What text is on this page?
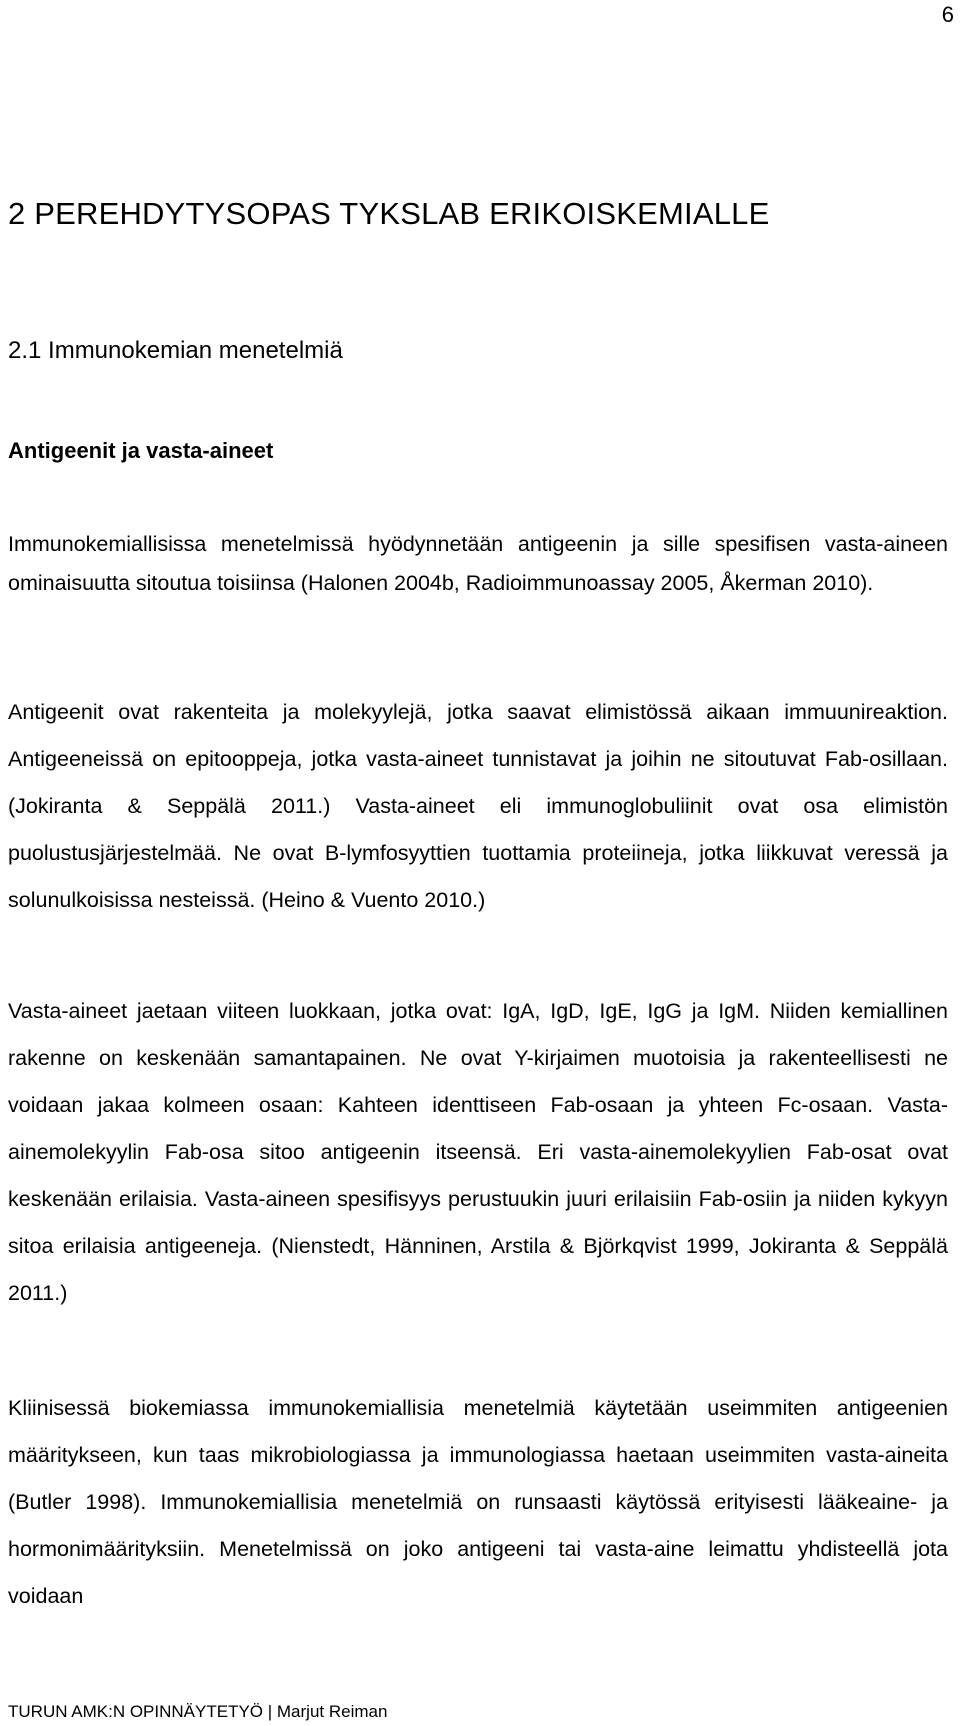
6
2 PEREHDYTYSOPAS TYKSLAB ERIKOISKEMIALLE
2.1 Immunokemian menetelmiä
Antigeenit ja vasta-aineet

Immunokemiallisissa menetelmissä hyödynnetään antigeenin ja sille spesifisen vasta-aineen ominaisuutta sitoutua toisiinsa (Halonen 2004b, Radioimmunoassay 2005, Åkerman 2010).

Antigeenit ovat rakenteita ja molekyylejä, jotka saavat elimistössä aikaan immuunireaktion. Antigeeneissä on epitooppeja, jotka vasta-aineet tunnistavat ja joihin ne sitoutuvat Fab-osillaan. (Jokiranta & Seppälä 2011.) Vasta-aineet eli immunoglobuliinit ovat osa elimistön puolustusjärjestelmää. Ne ovat B-lymfosyyttien tuottamia proteiineja, jotka liikkuvat veressä ja solunulkoisissa nesteissä. (Heino & Vuento 2010.)

Vasta-aineet jaetaan viiteen luokkaan, jotka ovat: IgA, IgD, IgE, IgG ja IgM. Niiden kemiallinen rakenne on keskenään samantapainen. Ne ovat Y-kirjaimen muotoisia ja rakenteellisesti ne voidaan jakaa kolmeen osaan: Kahteen identtiseen Fab-osaan ja yhteen Fc-osaan. Vasta-ainemolekyylin Fab-osa sitoo antigeenin itseensä. Eri vasta-ainemolekyylien Fab-osat ovat keskenään erilaisia. Vasta-aineen spesifisyys perustuukin juuri erilaisiin Fab-osiin ja niiden kykyyn sitoa erilaisia antigeeneja. (Nienstedt, Hänninen, Arstila & Björkqvist 1999, Jokiranta & Seppälä 2011.)

Kliinisessä biokemiassa immunokemiallisia menetelmiä käytetään useimmiten antigeenien määritykseen, kun taas mikrobiologiassa ja immunologiassa haetaan useimmiten vasta-aineita (Butler 1998). Immunokemiallisia menetelmiä on runsaasti käytössä erityisesti lääkeaine- ja hormonimäärityksiin. Menetelmissä on joko antigeeni tai vasta-aine leimattu yhdisteellä jota voidaan

TURUN AMK:N OPINNÄYTETYÖ | Marjut Reiman
